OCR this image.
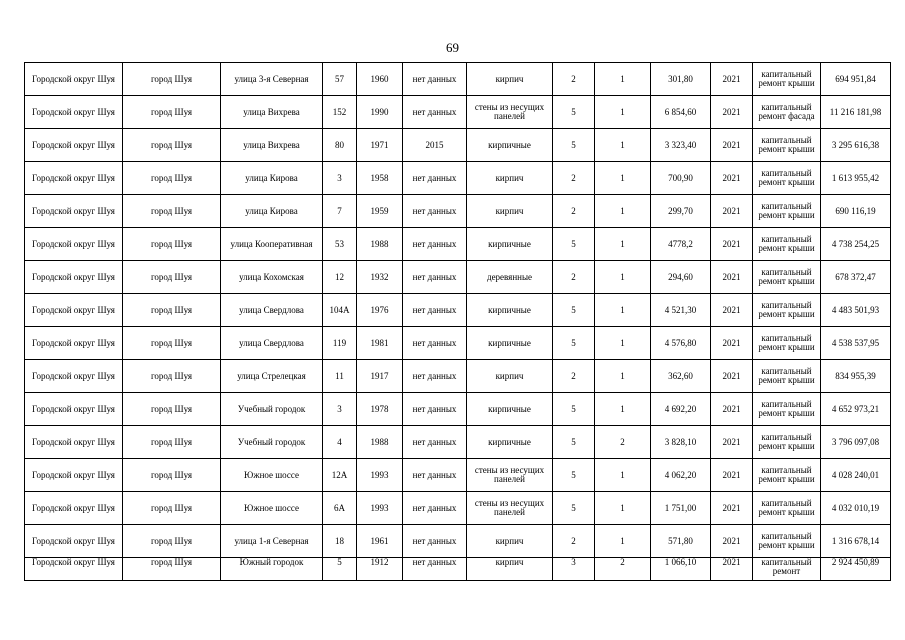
69
Городской округ Шуя	город Шуя	улица 3-я Северная	57	1960	нет данных	кирпич	2	1	301,80	2021	капитальный ремонт крыши	694 951,84
Городской округ Шуя	город Шуя	улица Вихрева	152	1990	нет данных	стены из несущих панелей	5	1	6 854,60	2021	капитальный ремонт фасада	11 216 181,98
Городской округ Шуя	город Шуя	улица Вихрева	80	1971	2015	кирпичные	5	1	3 323,40	2021	капитальный ремонт крыши	3 295 616,38
Городской округ Шуя	город Шуя	улица Кирова	3	1958	нет данных	кирпич	2	1	700,90	2021	капитальный ремонт крыши	1 613 955,42
Городской округ Шуя	город Шуя	улица Кирова	7	1959	нет данных	кирпич	2	1	299,70	2021	капитальный ремонт крыши	690 116,19
Городской округ Шуя	город Шуя	улица Кооперативная	53	1988	нет данных	кирпичные	5	1	4778,2	2021	капитальный ремонт крыши	4 738 254,25
Городской округ Шуя	город Шуя	улица Кохомская	12	1932	нет данных	деревянные	2	1	294,60	2021	капитальный ремонт крыши	678 372,47
Городской округ Шуя	город Шуя	улица Свердлова	104А	1976	нет данных	кирпичные	5	1	4 521,30	2021	капитальный ремонт крыши	4 483 501,93
Городской округ Шуя	город Шуя	улица Свердлова	119	1981	нет данных	кирпичные	5	1	4 576,80	2021	капитальный ремонт крыши	4 538 537,95
Городской округ Шуя	город Шуя	улица Стрелецкая	11	1917	нет данных	кирпич	2	1	362,60	2021	капитальный ремонт крыши	834 955,39
Городской округ Шуя	город Шуя	Учебный городок	3	1978	нет данных	кирпичные	5	1	4 692,20	2021	капитальный ремонт крыши	4 652 973,21
Городской округ Шуя	город Шуя	Учебный городок	4	1988	нет данных	кирпичные	5	2	3 828,10	2021	капитальный ремонт крыши	3 796 097,08
Городской округ Шуя	город Шуя	Южное шоссе	12А	1993	нет данных	стены из несущих панелей	5	1	4 062,20	2021	капитальный ремонт крыши	4 028 240,01
Городской округ Шуя	город Шуя	Южное шоссе	6А	1993	нет данных	стены из несущих панелей	5	1	1 751,00	2021	капитальный ремонт крыши	4 032 010,19
Городской округ Шуя	город Шуя	улица 1-я Северная	18	1961	нет данных	кирпич	2	1	571,80	2021	капитальный ремонт крыши	1 316 678,14
Городской округ Шуя	город Шуя	Южный городок	5	1912	нет данных	кирпич	3	2	1 066,10	2021	капитальный ремонт	2 924 450,89
